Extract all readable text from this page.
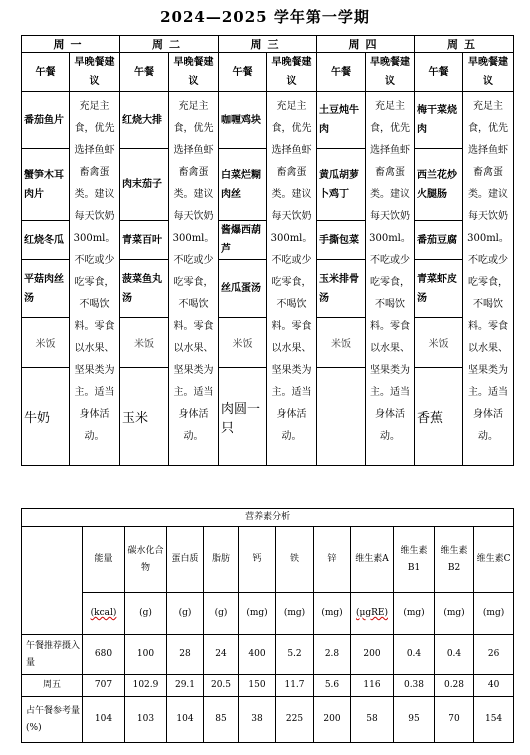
2024—2025 学年第一学期
周一		周二		周三		周四		周五	
午餐	早晚餐建议	午餐	早晚餐建议	午餐	早晚餐建议	午餐	早晚餐建议	午餐	早晚餐建议
番茄鱼片	充足主食，优先选择鱼虾畜禽蛋类。建议每天饮奶300ml。不吃或少吃零食，不喝饮料。零食以水果、坚果类为主。适当身体活动。	红烧大排	充足主食，优先选择鱼虾畜禽蛋类。建议每天饮奶300ml。不吃或少吃零食，不喝饮料。零食以水果、坚果类为主。适当身体活动。	咖喱鸡块	充足主食，优先选择鱼虾畜禽蛋类。建议每天饮奶300ml。不吃或少吃零食，不喝饮料。零食以水果、坚果类为主。适当身体活动。	土豆炖牛肉	充足主食，优先选择鱼虾畜禽蛋类。建议每天饮奶300ml。不吃或少吃零食，不喝饮料。零食以水果、坚果类为主。适当身体活动。	梅干菜烧肉	充足主食，优先选择鱼虾畜禽蛋类。建议每天饮奶300ml。不吃或少吃零食，不喝饮料。零食以水果、坚果类为主。适当身体活动。
蟹笋木耳肉片		肉末茄子		白菜烂糊肉丝		黄瓜胡萝卜鸡丁		西兰花炒火腿肠	
红烧冬瓜		青菜百叶		酱爆西葫芦		手撕包菜		番茄豆腐	
平菇肉丝汤		菠菜鱼丸汤		丝瓜蛋汤		玉米排骨汤		青菜虾皮汤	
米饭		米饭		米饭		米饭		米饭	
牛奶		玉米		肉圆一只				香蕉	
营养素分析											
	能量	碳水化合物	蛋白质	脂肪	钙	铁	锌	维生素A	维生素B1	维生素B2	维生素C
	(kcal)	(g)	(g)	(g)	(mg)	(mg)	(mg)	(μgRE)	(mg)	(mg)	(mg)
午餐推荐摄入量	680	100	28	24	400	5.2	2.8	200	0.4	0.4	26
周五	707	102.9	29.1	20.5	150	11.7	5.6	116	0.38	0.28	40
占午餐参考量(%)	104	103	104	85	38	225	200	58	95	70	154
